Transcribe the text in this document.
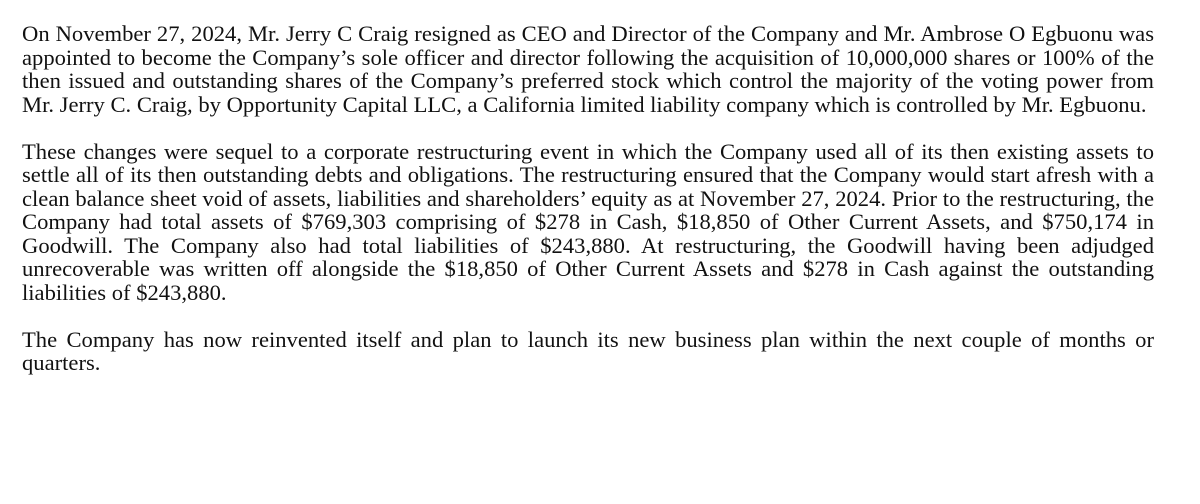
On November 27, 2024, Mr. Jerry C Craig resigned as CEO and Director of the Company and Mr. Ambrose O Egbuonu was appointed to become the Company’s sole officer and director following the acquisition of 10,000,000 shares or 100% of the then issued and outstanding shares of the Company’s preferred stock which control the majority of the voting power from Mr. Jerry C. Craig, by Opportunity Capital LLC, a California limited liability company which is controlled by Mr. Egbuonu.

These changes were sequel to a corporate restructuring event in which the Company used all of its then existing assets to settle all of its then outstanding debts and obligations. The restructuring ensured that the Company would start afresh with a clean balance sheet void of assets, liabilities and shareholders’ equity as at November 27, 2024. Prior to the restructuring, the Company had total assets of $769,303 comprising of $278 in Cash, $18,850 of Other Current Assets, and $750,174 in Goodwill. The Company also had total liabilities of $243,880. At restructuring, the Goodwill having been adjudged unrecoverable was written off alongside the $18,850 of Other Current Assets and $278 in Cash against the outstanding liabilities of $243,880.

The Company has now reinvented itself and plan to launch its new business plan within the next couple of months or quarters.
